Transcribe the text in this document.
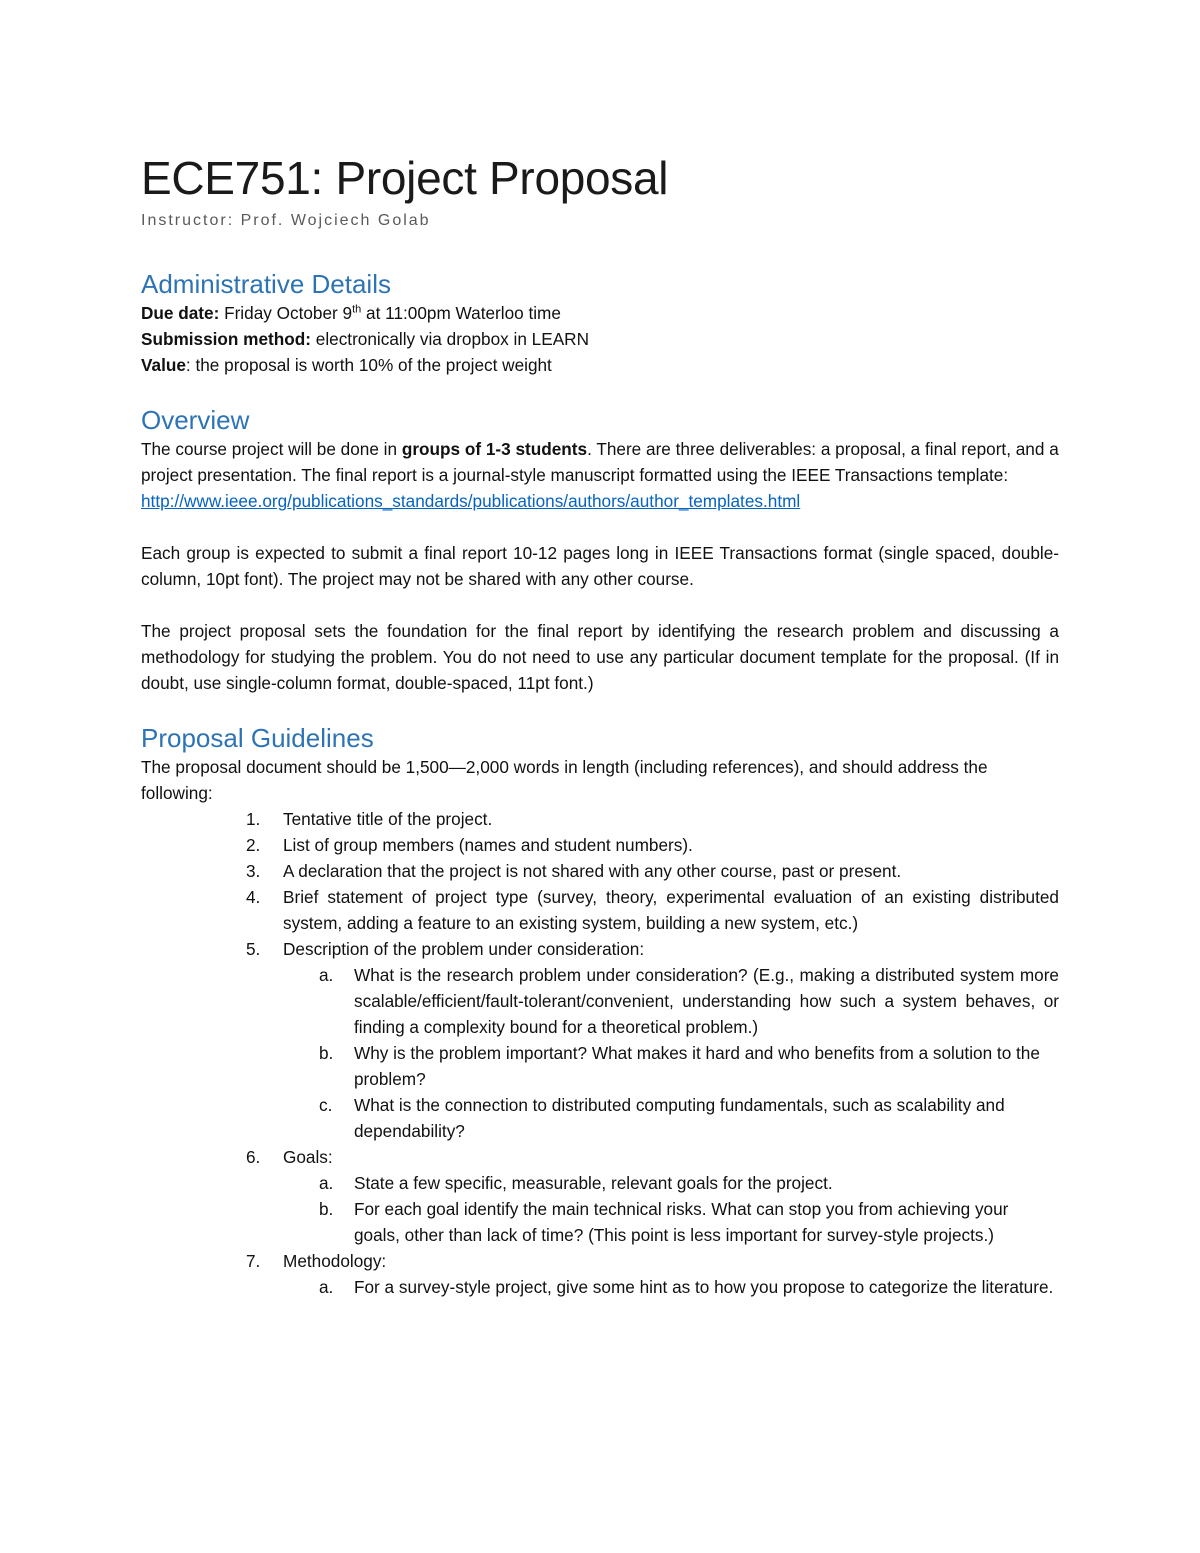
ECE751: Project Proposal

Instructor: Prof. Wojciech Golab

Administrative Details

Due date: Friday October 9th at 11:00pm Waterloo time

Submission method: electronically via dropbox in LEARN

Value: the proposal is worth 10% of the project weight

Overview

The course project will be done in groups of 1-3 students. There are three deliverables: a proposal, a final report, and a project presentation. The final report is a journal-style manuscript formatted using the IEEE Transactions template:
http://www.ieee.org/publications_standards/publications/authors/author_templates.html

Each group is expected to submit a final report 10-12 pages long in IEEE Transactions format (single spaced, double-column, 10pt font). The project may not be shared with any other course.

The project proposal sets the foundation for the final report by identifying the research problem and discussing a methodology for studying the problem. You do not need to use any particular document template for the proposal. (If in doubt, use single-column format, double-spaced, 11pt font.)

Proposal Guidelines

The proposal document should be 1,500—2,000 words in length (including references), and should address the following:

1.	Tentative title of the project.
2.	List of group members (names and student numbers).
3.	A declaration that the project is not shared with any other course, past or present.
4.	Brief statement of project type (survey, theory, experimental evaluation of an existing distributed system, adding a feature to an existing system, building a new system, etc.)
5.	Description of the problem under consideration:
a.	What is the research problem under consideration? (E.g., making a distributed system more scalable/efficient/fault-tolerant/convenient, understanding how such a system behaves, or finding a complexity bound for a theoretical problem.)
b.	Why is the problem important? What makes it hard and who benefits from a solution to the problem?
c.	What is the connection to distributed computing fundamentals, such as scalability and dependability?
6.	Goals:
a.	State a few specific, measurable, relevant goals for the project.
b.	For each goal identify the main technical risks. What can stop you from achieving your goals, other than lack of time? (This point is less important for survey-style projects.)
7.	Methodology:
a.	For a survey-style project, give some hint as to how you propose to categorize the literature.
